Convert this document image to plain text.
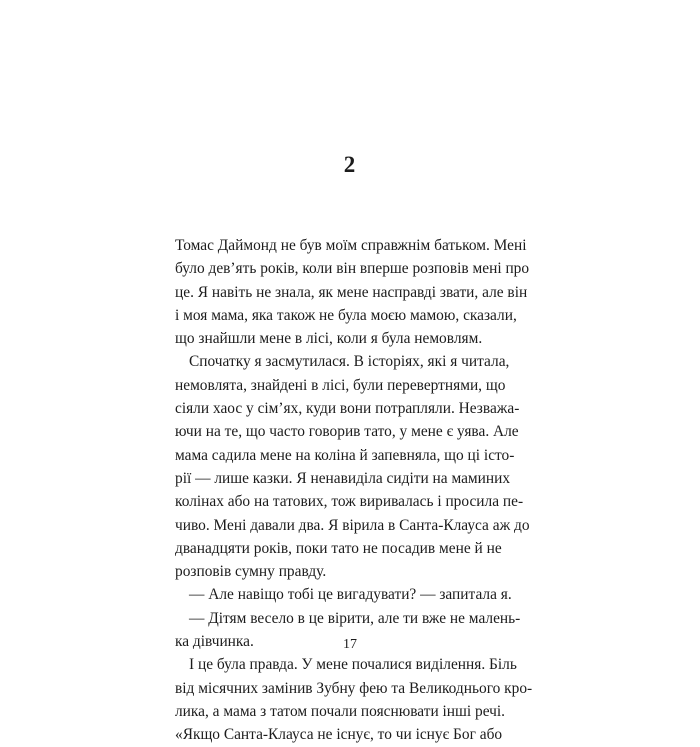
2
Томас Даймонд не був моїм справжнім батьком. Мені
було дев’ять років, коли він вперше розповів мені про
це. Я навіть не знала, як мене насправді звати, але він
і моя мама, яка також не була моєю мамою, сказали,
що знайшли мене в лісі, коли я була немовлям.
Спочатку я засмутилася. В історіях, які я читала,
немовлята, знайдені в лісі, були перевертнями, що
сіяли хаос у сім’ях, куди вони потрапляли. Незважа-
ючи на те, що часто говорив тато, у мене є уява. Але
мама садила мене на коліна й запевняла, що ці істо-
рії — лише казки. Я ненавиділа сидіти на маминих
колінах або на татових, тож виривалась і просила пе-
чиво. Мені давали два. Я вірила в Санта-Клауса аж до
дванадцяти років, поки тато не посадив мене й не
розповів сумну правду.
— Але навіщо тобі це вигадувати? — запитала я.
— Дітям весело в це вірити, але ти вже не малень-
ка дівчинка.
І це була правда. У мене почалися виділення. Біль
від місячних замінив Зубну фею та Великоднього кро-
лика, а мама з татом почали пояснювати інші речі.
«Якщо Санта-Клауса не існує, то чи існує Бог або
17
